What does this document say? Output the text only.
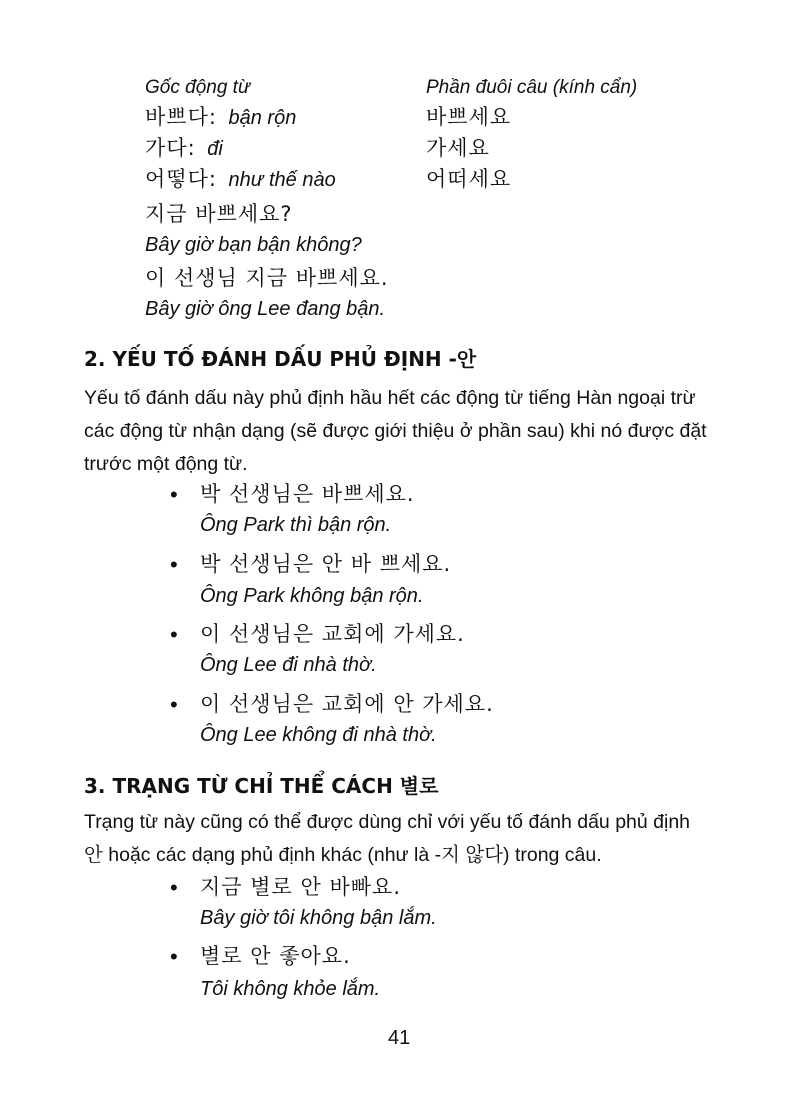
Gốc động từ	Phần đuôi câu (kính cẩn)
바쁘다: bận rộn	바쁘세요
가다: đi	가세요
어떻다: như thế nào	어떠세요
지금 바쁘세요?
Bây giờ bạn bận không?
이 선생님 지금 바쁘세요.
Bây giờ ông Lee đang bận.
2. YẾU TỐ ĐÁNH DẤU PHỦ ĐỊNH -안
Yếu tố đánh dấu này phủ định hầu hết các động từ tiếng Hàn ngoại trừ
các động từ nhận dạng (sẽ được giới thiệu ở phần sau) khi nó được đặt
trước một động từ.
• 박 선생님은 바쁘세요.
Ông Park thì bận rộn.
• 박 선생님은 안 바 쁘세요.
Ông Park không bận rộn.
• 이 선생님은 교회에 가세요.
Ông Lee đi nhà thờ.
• 이 선생님은 교회에 안 가세요.
Ông Lee không đi nhà thờ.
3. TRẠNG TỪ CHỈ THỂ CÁCH 별로
Trạng từ này cũng có thể được dùng chỉ với yếu tố đánh dấu phủ định
안 hoặc các dạng phủ định khác (như là -지 않다) trong câu.
• 지금 별로 안 바빠요.
Bây giờ tôi không bận lắm.
• 별로 안 좋아요.
Tôi không khỏe lắm.
41
